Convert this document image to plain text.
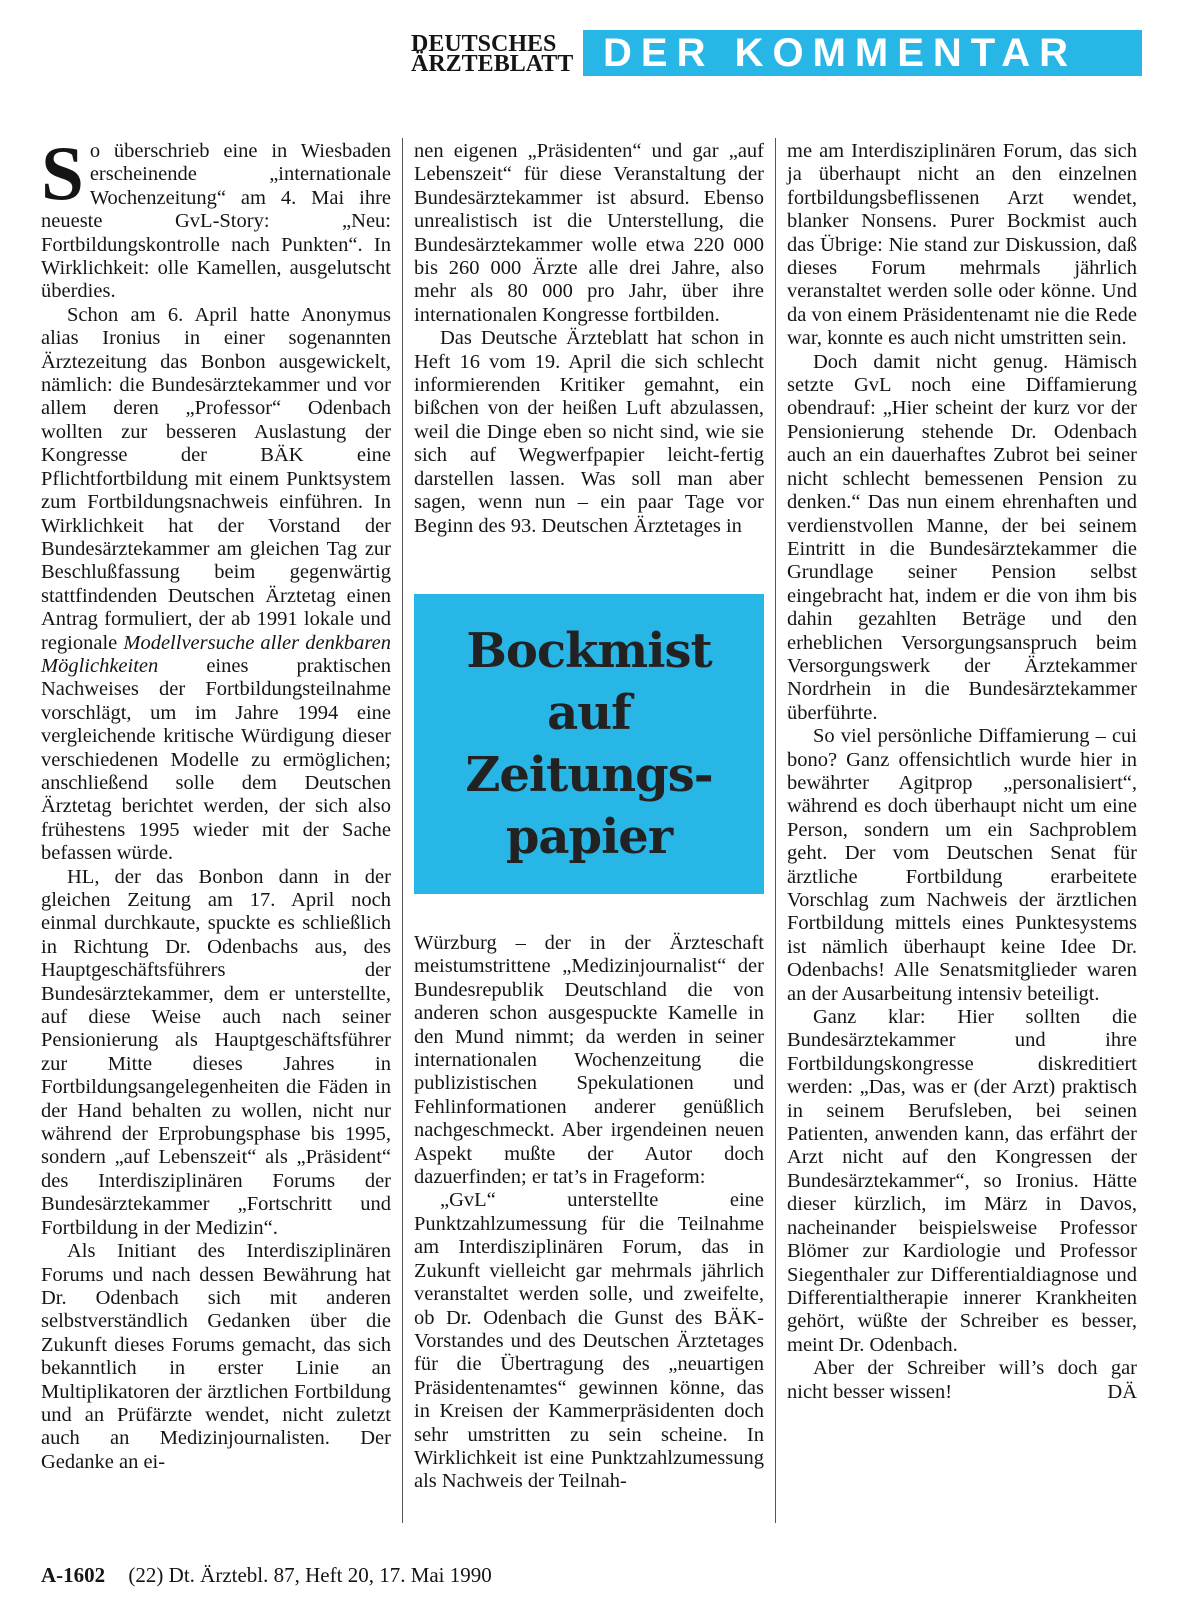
DEUTSCHES
ÄRZTEBLATT DER KOMMENTAR

So überschrieb eine in Wiesbaden erscheinende „internationale Wochenzeitung“ am 4. Mai ihre neueste GvL-Story: „Neu: Fortbildungskontrolle nach Punkten“. In Wirklichkeit: olle Kamellen, ausgelutscht überdies.

Schon am 6. April hatte Anonymus alias Ironius in einer sogenannten Ärztezeitung das Bonbon ausgewickelt, nämlich: die Bundesärztekammer und vor allem deren „Professor“ Odenbach wollten zur besseren Auslastung der Kongresse der BÄK eine Pflichtfortbildung mit einem Punktsystem zum Fortbildungsnachweis einführen. In Wirklichkeit hat der Vorstand der Bundesärztekammer am gleichen Tag zur Beschlußfassung beim gegenwärtig stattfindenden Deutschen Ärztetag einen Antrag formuliert, der ab 1991 lokale und regionale Modellversuche aller denkbaren Möglichkeiten eines praktischen Nachweises der Fortbildungsteilnahme vorschlägt, um im Jahre 1994 eine vergleichende kritische Würdigung dieser verschiedenen Modelle zu ermöglichen; anschließend solle dem Deutschen Ärztetag berichtet werden, der sich also frühestens 1995 wieder mit der Sache befassen würde.

HL, der das Bonbon dann in der gleichen Zeitung am 17. April noch einmal durchkaute, spuckte es schließlich in Richtung Dr. Odenbachs aus, des Hauptgeschäftsführers der Bundesärztekammer, dem er unterstellte, auf diese Weise auch nach seiner Pensionierung als Hauptgeschäftsführer zur Mitte dieses Jahres in Fortbildungsangelegenheiten die Fäden in der Hand behalten zu wollen, nicht nur während der Erprobungsphase bis 1995, sondern „auf Lebenszeit“ als „Präsident“ des Interdisziplinären Forums der Bundesärztekammer „Fortschritt und Fortbildung in der Medizin“.

Als Initiant des Interdisziplinären Forums und nach dessen Bewährung hat Dr. Odenbach sich mit anderen selbstverständlich Gedanken über die Zukunft dieses Forums gemacht, das sich bekanntlich in erster Linie an Multiplikatoren der ärztlichen Fortbildung und an Prüfärzte wendet, nicht zuletzt auch an Medizinjournalisten. Der Gedanke an ei-

nen eigenen „Präsidenten“ und gar „auf Lebenszeit“ für diese Veranstaltung der Bundesärztekammer ist absurd. Ebenso unrealistisch ist die Unterstellung, die Bundesärztekammer wolle etwa 220 000 bis 260 000 Ärzte alle drei Jahre, also mehr als 80 000 pro Jahr, über ihre internationalen Kongresse fortbilden.

Das Deutsche Ärzteblatt hat schon in Heft 16 vom 19. April die sich schlecht informierenden Kritiker gemahnt, ein bißchen von der heißen Luft abzulassen, weil die Dinge eben so nicht sind, wie sie sich auf Wegwerfpapier leicht-fertig darstellen lassen. Was soll man aber sagen, wenn nun – ein paar Tage vor Beginn des 93. Deutschen Ärztetages in

Bockmist
auf
Zeitungs-
papier

Würzburg – der in der Ärzteschaft meistumstrittene „Medizinjournalist“ der Bundesrepublik Deutschland die von anderen schon ausgespuckte Kamelle in den Mund nimmt; da werden in seiner internationalen Wochenzeitung die publizistischen Spekulationen und Fehlinformationen anderer genüßlich nachgeschmeckt. Aber irgendeinen neuen Aspekt mußte der Autor doch dazuerfinden; er tat’s in Frageform:

„GvL“ unterstellte eine Punktzahlzumessung für die Teilnahme am Interdisziplinären Forum, das in Zukunft vielleicht gar mehrmals jährlich veranstaltet werden solle, und zweifelte, ob Dr. Odenbach die Gunst des BÄK-Vorstandes und des Deutschen Ärztetages für die Übertragung des „neuartigen Präsidentenamtes“ gewinnen könne, das in Kreisen der Kammerpräsidenten doch sehr umstritten zu sein scheine. In Wirklichkeit ist eine Punktzahlzumessung als Nachweis der Teilnah-

me am Interdisziplinären Forum, das sich ja überhaupt nicht an den einzelnen fortbildungsbeflissenen Arzt wendet, blanker Nonsens. Purer Bockmist auch das Übrige: Nie stand zur Diskussion, daß dieses Forum mehrmals jährlich veranstaltet werden solle oder könne. Und da von einem Präsidentenamt nie die Rede war, konnte es auch nicht umstritten sein.

Doch damit nicht genug. Hämisch setzte GvL noch eine Diffamierung obendrauf: „Hier scheint der kurz vor der Pensionierung stehende Dr. Odenbach auch an ein dauerhaftes Zubrot bei seiner nicht schlecht bemessenen Pension zu denken.“ Das nun einem ehrenhaften und verdienstvollen Manne, der bei seinem Eintritt in die Bundesärztekammer die Grundlage seiner Pension selbst eingebracht hat, indem er die von ihm bis dahin gezahlten Beträge und den erheblichen Versorgungsanspruch beim Versorgungswerk der Ärztekammer Nordrhein in die Bundesärztekammer überführte.

So viel persönliche Diffamierung – cui bono? Ganz offensichtlich wurde hier in bewährter Agitprop „personalisiert“, während es doch überhaupt nicht um eine Person, sondern um ein Sachproblem geht. Der vom Deutschen Senat für ärztliche Fortbildung erarbeitete Vorschlag zum Nachweis der ärztlichen Fortbildung mittels eines Punktesystems ist nämlich überhaupt keine Idee Dr. Odenbachs! Alle Senatsmitglieder waren an der Ausarbeitung intensiv beteiligt.

Ganz klar: Hier sollten die Bundesärztekammer und ihre Fortbildungskongresse diskreditiert werden: „Das, was er (der Arzt) praktisch in seinem Berufsleben, bei seinen Patienten, anwenden kann, das erfährt der Arzt nicht auf den Kongressen der Bundesärztekammer“, so Ironius. Hätte dieser kürzlich, im März in Davos, nacheinander beispielsweise Professor Blömer zur Kardiologie und Professor Siegenthaler zur Differentialdiagnose und Differentialtherapie innerer Krankheiten gehört, wüßte der Schreiber es besser, meint Dr. Odenbach.

Aber der Schreiber will’s doch gar nicht besser wissen!	DÄ

A-1602 (22) Dt. Ärztebl. 87, Heft 20, 17. Mai 1990
